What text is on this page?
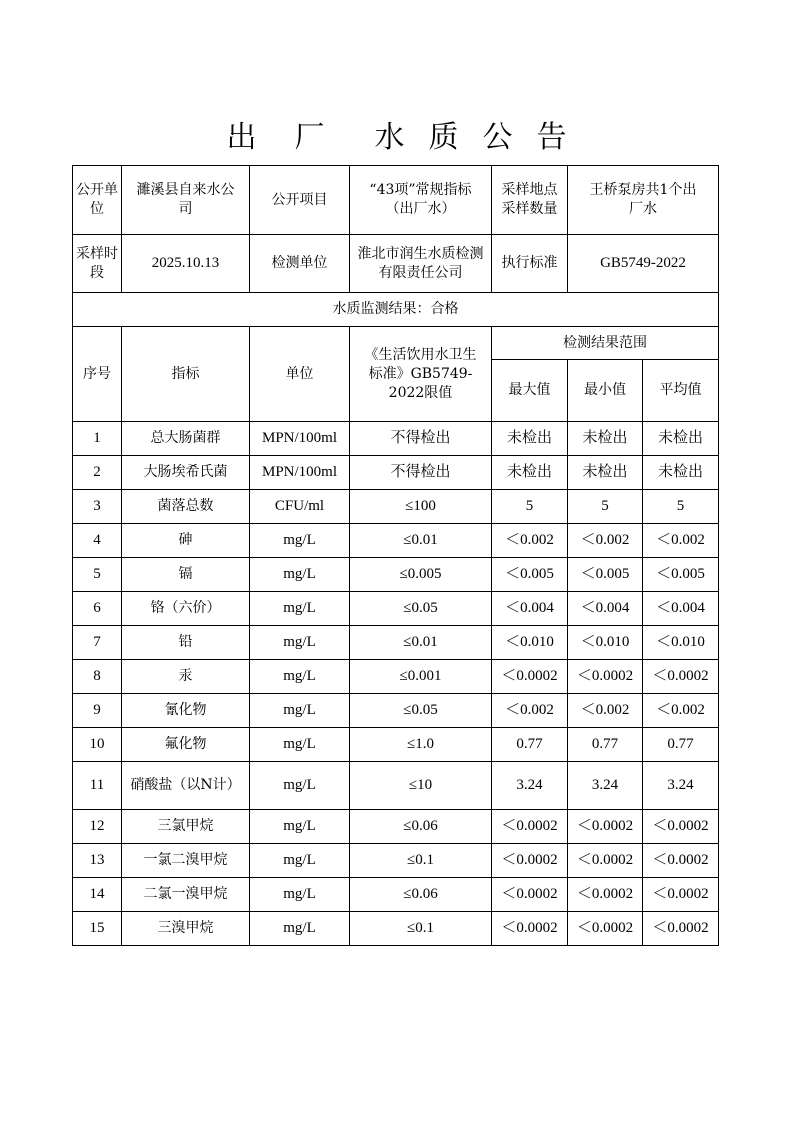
出 厂 水 质 公 告
公开单位	濉溪县自来水公司	公开项目	“43项”常规指标（出厂水）	采样地点采样数量	王桥泵房共1个出厂水	
采样时段	2025.10.13	检测单位	淮北市润生水质检测有限责任公司	执行标准	GB5749-2022	
水质监测结果：合格						
序号	指标	单位	《生活饮用水卫生标准》GB5749-2022限值	检测结果范围		
				最大值	最小值	平均值
1	总大肠菌群	MPN/100ml	不得检出	未检出	未检出	未检出
2	大肠埃希氏菌	MPN/100ml	不得检出	未检出	未检出	未检出
3	菌落总数	CFU/ml	≤100	5	5	5
4	砷	mg/L	≤0.01	＜0.002	＜0.002	＜0.002
5	镉	mg/L	≤0.005	＜0.005	＜0.005	＜0.005
6	铬（六价）	mg/L	≤0.05	＜0.004	＜0.004	＜0.004
7	铅	mg/L	≤0.01	＜0.010	＜0.010	＜0.010
8	汞	mg/L	≤0.001	＜0.0002	＜0.0002	＜0.0002
9	氰化物	mg/L	≤0.05	＜0.002	＜0.002	＜0.002
10	氟化物	mg/L	≤1.0	0.77	0.77	0.77
11	硝酸盐（以N计）	mg/L	≤10	3.24	3.24	3.24
12	三氯甲烷	mg/L	≤0.06	＜0.0002	＜0.0002	＜0.0002
13	一氯二溴甲烷	mg/L	≤0.1	＜0.0002	＜0.0002	＜0.0002
14	二氯一溴甲烷	mg/L	≤0.06	＜0.0002	＜0.0002	＜0.0002
15	三溴甲烷	mg/L	≤0.1	＜0.0002	＜0.0002	＜0.0002
